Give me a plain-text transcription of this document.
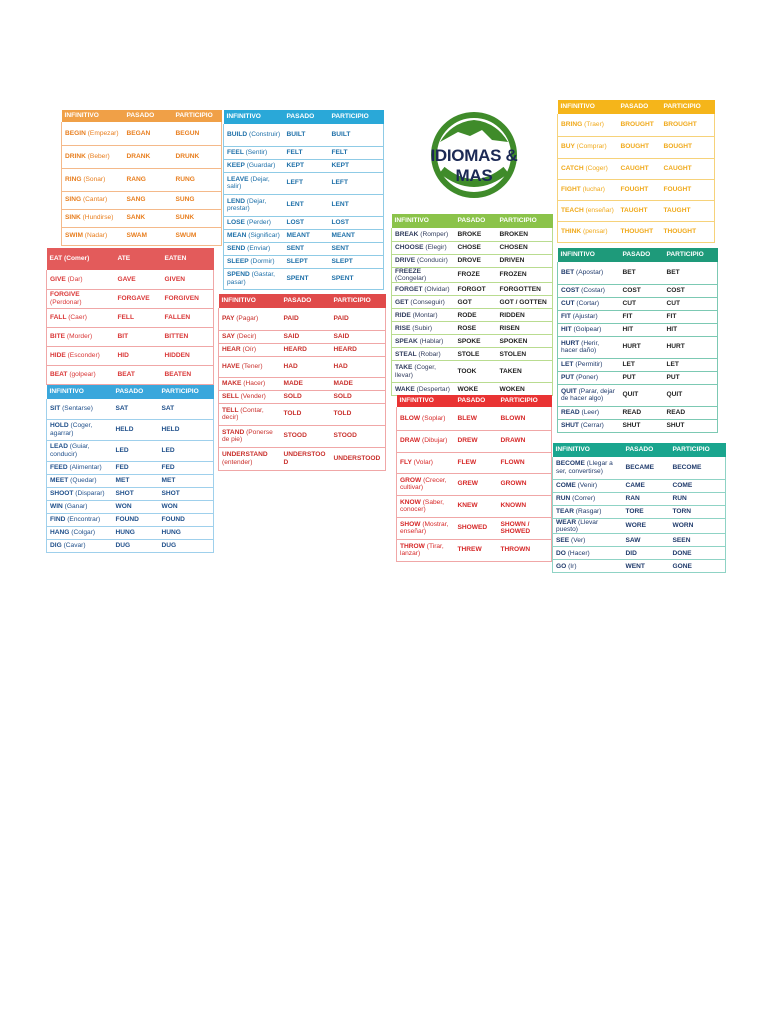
IDIOMAS & MAS
INFINITIVO	PASADO	PARTICIPIO
BEGIN (Empezar)	BEGAN	BEGUN
DRINK (Beber)	DRANK	DRUNK
RING (Sonar)	RANG	RUNG
SING (Cantar)	SANG	SUNG
SINK (Hundirse)	SANK	SUNK
SWIM (Nadar)	SWAM	SWUM
EAT (Comer)	ATE	EATEN
GIVE (Dar)	GAVE	GIVEN
FORGIVE (Perdonar)	FORGAVE	FORGIVEN
FALL (Caer)	FELL	FALLEN
BITE (Morder)	BIT	BITTEN
HIDE (Esconder)	HID	HIDDEN
BEAT (golpear)	BEAT	BEATEN
INFINITIVO	PASADO	PARTICIPIO
SIT (Sentarse)	SAT	SAT
HOLD (Coger, agarrar)	HELD	HELD
LEAD (Guiar, conducir)	LED	LED
FEED (Alimentar)	FED	FED
MEET (Quedar)	MET	MET
SHOOT (Disparar)	SHOT	SHOT
WIN (Ganar)	WON	WON
FIND (Encontrar)	FOUND	FOUND
HANG (Colgar)	HUNG	HUNG
DIG (Cavar)	DUG	DUG
INFINITIVO	PASADO	PARTICIPIO
BUILD (Construir)	BUILT	BUILT
FEEL (Sentir)	FELT	FELT
KEEP (Guardar)	KEPT	KEPT
LEAVE (Dejar, salir)	LEFT	LEFT
LEND (Dejar, prestar)	LENT	LENT
LOSE (Perder)	LOST	LOST
MEAN (Significar)	MEANT	MEANT
SEND (Enviar)	SENT	SENT
SLEEP (Dormir)	SLEPT	SLEPT
SPEND (Gastar, pasar)	SPENT	SPENT
INFINITIVO	PASADO	PARTICIPIO
PAY (Pagar)	PAID	PAID
SAY (Decir)	SAID	SAID
HEAR (Oír)	HEARD	HEARD
HAVE (Tener)	HAD	HAD
MAKE (Hacer)	MADE	MADE
SELL (Vender)	SOLD	SOLD
TELL (Contar, decir)	TOLD	TOLD
STAND (Ponerse de pie)	STOOD	STOOD
UNDERSTAND (entender)	UNDERSTOOD	UNDERSTOOD
INFINITIVO	PASADO	PARTICIPIO
BREAK (Romper)	BROKE	BROKEN
CHOOSE (Elegir)	CHOSE	CHOSEN
DRIVE (Conducir)	DROVE	DRIVEN
FREEZE (Congelar)	FROZE	FROZEN
FORGET (Olvidar)	FORGOT	FORGOTTEN
GET (Conseguir)	GOT	GOT / GOTTEN
RIDE (Montar)	RODE	RIDDEN
RISE (Subir)	ROSE	RISEN
SPEAK (Hablar)	SPOKE	SPOKEN
STEAL (Robar)	STOLE	STOLEN
TAKE (Coger, llevar)	TOOK	TAKEN
WAKE (Despertar)	WOKE	WOKEN
INFINITIVO	PASADO	PARTICIPIO
BLOW (Soplar)	BLEW	BLOWN
DRAW (Dibujar)	DREW	DRAWN
FLY (Volar)	FLEW	FLOWN
GROW (Crecer, cultivar)	GREW	GROWN
KNOW (Saber, conocer)	KNEW	KNOWN
SHOW (Mostrar, enseñar)	SHOWED	SHOWN / SHOWED
THROW (Tirar, lanzar)	THREW	THROWN
INFINITIVO	PASADO	PARTICIPIO
BRING (Traer)	BROUGHT	BROUGHT
BUY (Comprar)	BOUGHT	BOUGHT
CATCH (Coger)	CAUGHT	CAUGHT
FIGHT (luchar)	FOUGHT	FOUGHT
TEACH (enseñar)	TAUGHT	TAUGHT
THINK (pensar)	THOUGHT	THOUGHT
INFINITIVO	PASADO	PARTICIPIO
BET (Apostar)	BET	BET
COST (Costar)	COST	COST
CUT (Cortar)	CUT	CUT
FIT (Ajustar)	FIT	FIT
HIT (Golpear)	HIT	HIT
HURT (Herir, hacer daño)	HURT	HURT
LET (Permitir)	LET	LET
PUT (Poner)	PUT	PUT
QUIT (Parar, dejar de hacer algo)	QUIT	QUIT
READ (Leer)	READ	READ
SHUT (Cerrar)	SHUT	SHUT
INFINITIVO	PASADO	PARTICIPIO
BECOME (Llegar a ser, convertirse)	BECAME	BECOME
COME (Venir)	CAME	COME
RUN (Correr)	RAN	RUN
TEAR (Rasgar)	TORE	TORN
WEAR (Llevar puesto)	WORE	WORN
SEE (Ver)	SAW	SEEN
DO (Hacer)	DID	DONE
GO (Ir)	WENT	GONE
